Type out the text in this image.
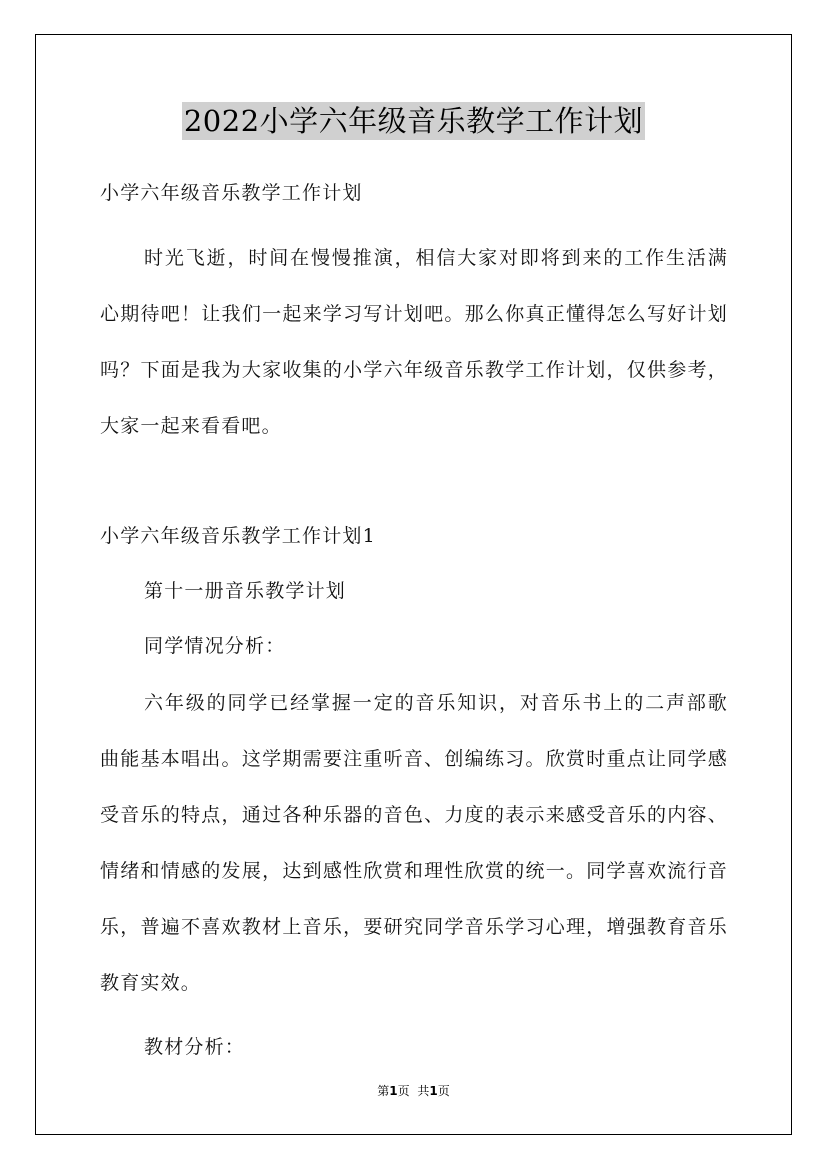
2022小学六年级音乐教学工作计划
小学六年级音乐教学工作计划

时光飞逝，时间在慢慢推演，相信大家对即将到来的工作生活满心期待吧！让我们一起来学习写计划吧。那么你真正懂得怎么写好计划吗？下面是我为大家收集的小学六年级音乐教学工作计划，仅供参考，大家一起来看看吧。

小学六年级音乐教学工作计划1
第十一册音乐教学计划
同学情况分析：

六年级的同学已经掌握一定的音乐知识，对音乐书上的二声部歌曲能基本唱出。这学期需要注重听音、创编练习。欣赏时重点让同学感受音乐的特点，通过各种乐器的音色、力度的表示来感受音乐的内容、情绪和情感的发展，达到感性欣赏和理性欣赏的统一。同学喜欢流行音乐，普遍不喜欢教材上音乐，要研究同学音乐学习心理，增强教育音乐教育实效。

教材分析：
第1页 共1页
